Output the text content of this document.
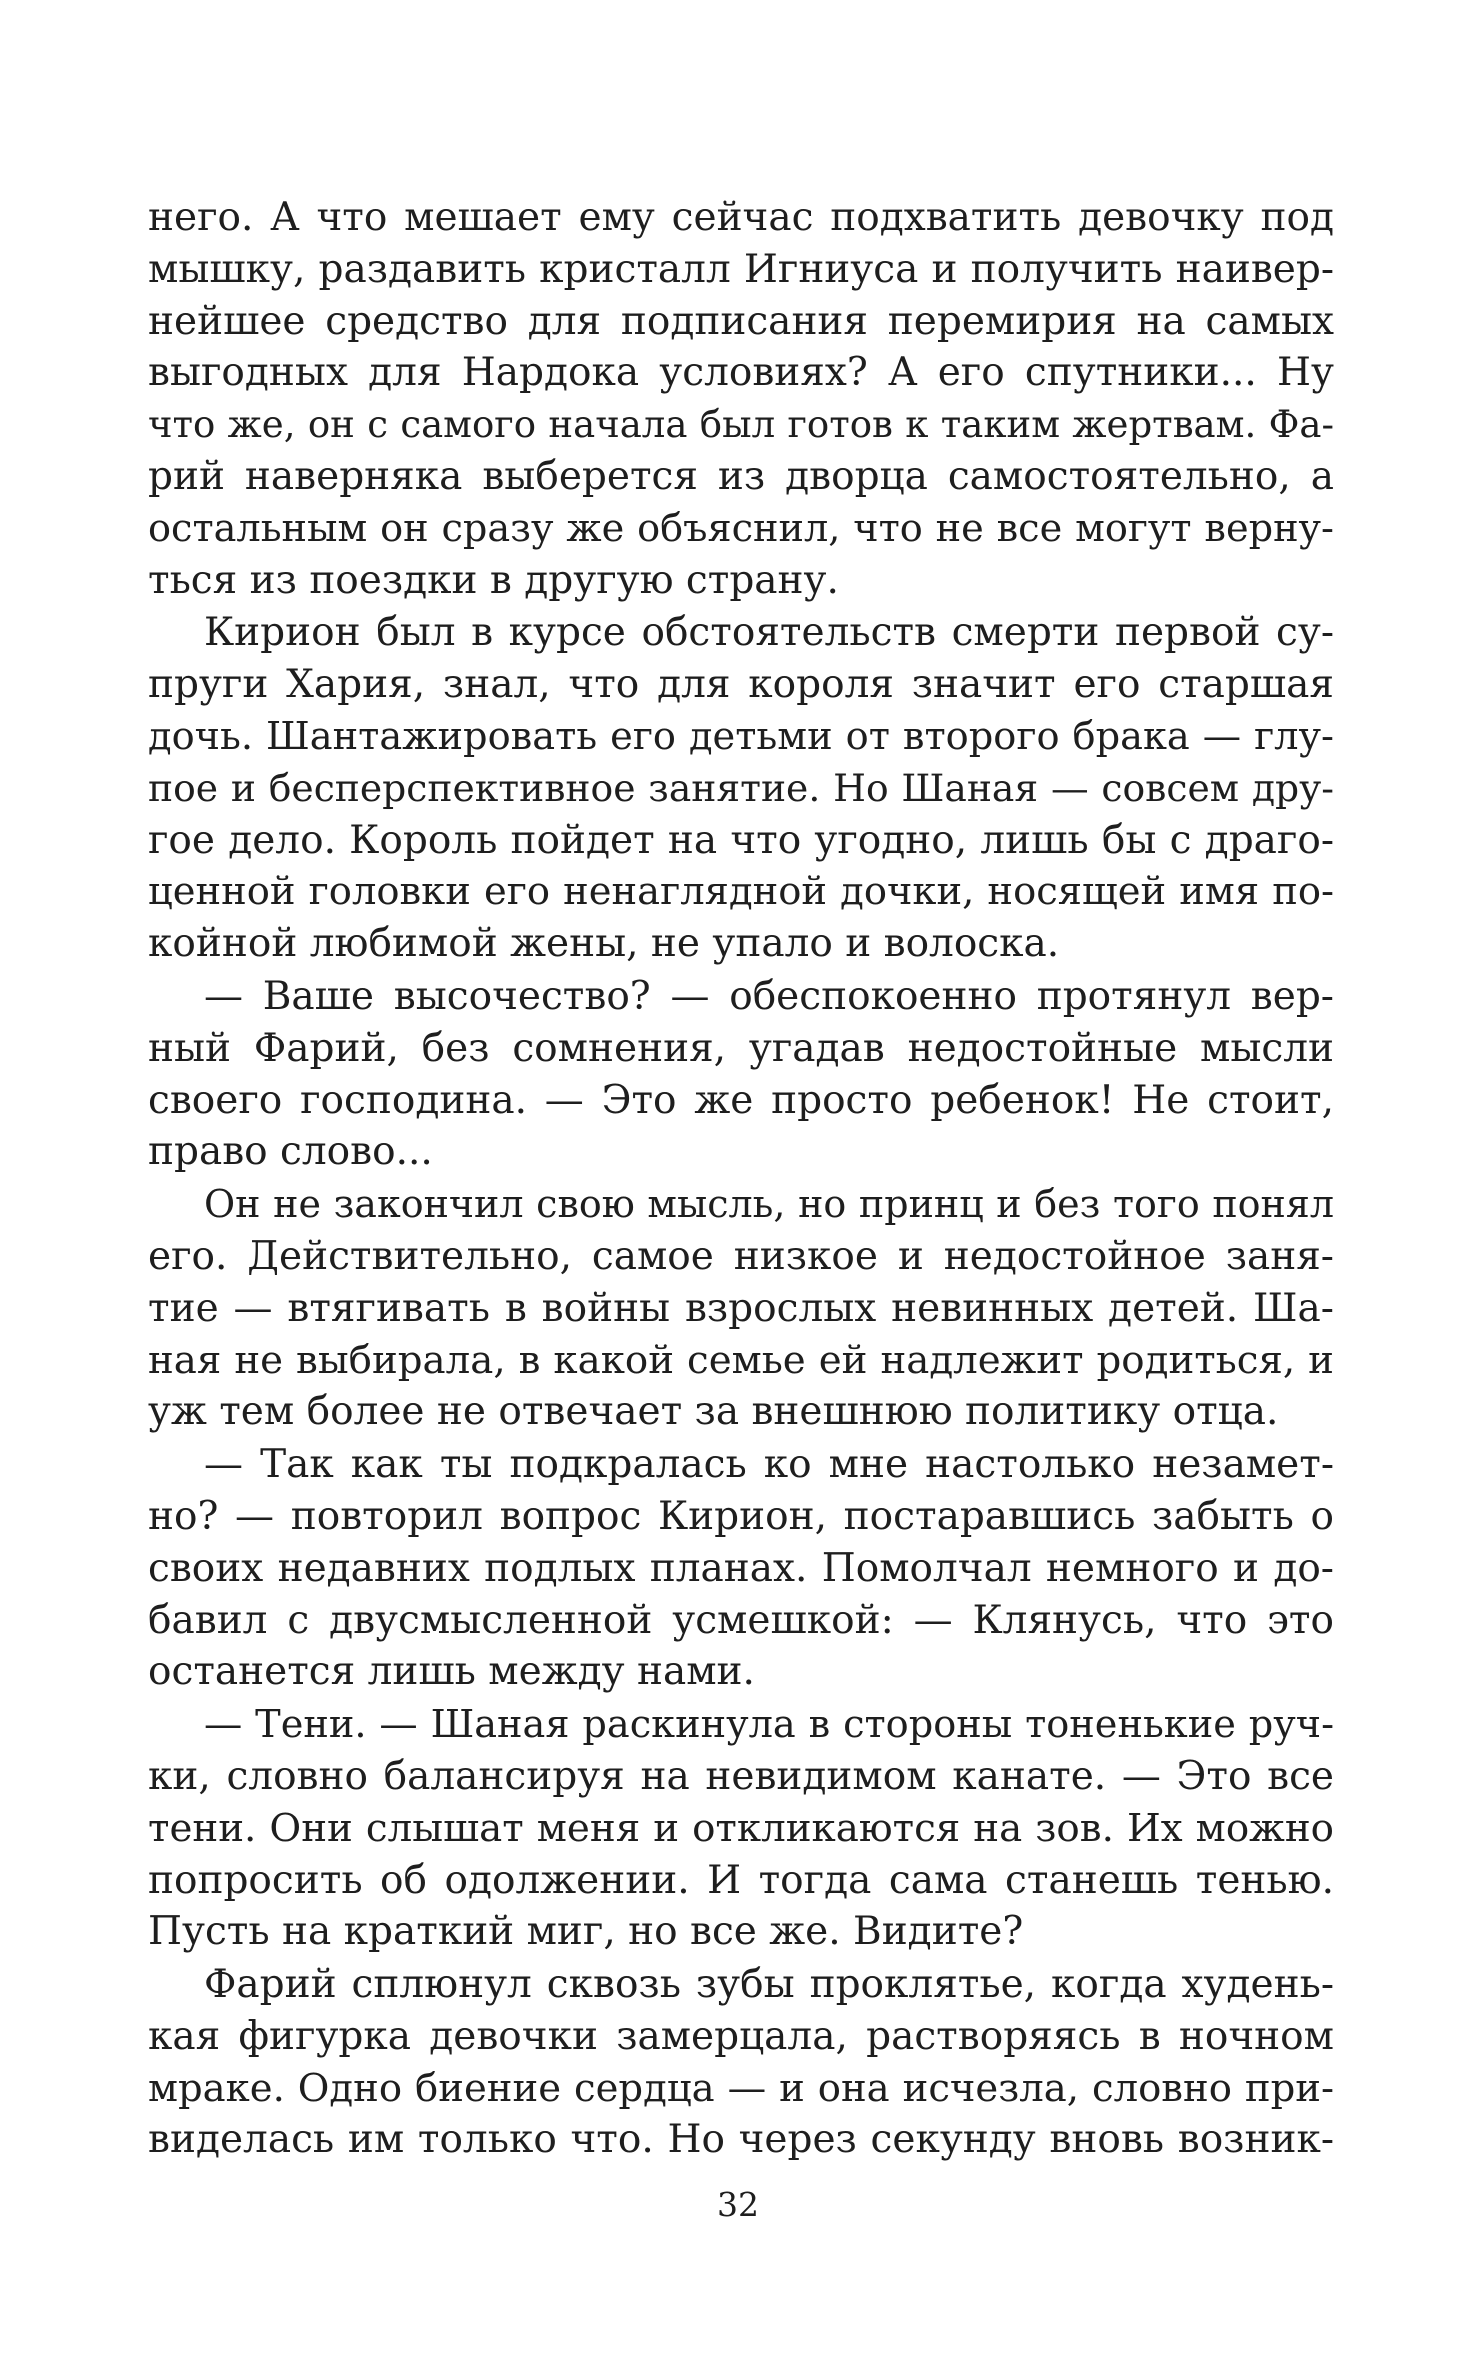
него. А что мешает ему сейчас подхватить девочку под
мышку, раздавить кристалл Игниуса и получить наивер-
нейшее средство для подписания перемирия на самых
выгодных для Нардока условиях? А его спутники... Ну
что же, он с самого начала был готов к таким жертвам. Фа-
рий наверняка выберется из дворца самостоятельно, а
остальным он сразу же объяснил, что не все могут верну-
ться из поездки в другую страну.
Кирион был в курсе обстоятельств смерти первой су-
пруги Хария, знал, что для короля значит его старшая
дочь. Шантажировать его детьми от второго брака — глу-
пое и бесперспективное занятие. Но Шаная — совсем дру-
гое дело. Король пойдет на что угодно, лишь бы с драго-
ценной головки его ненаглядной дочки, носящей имя по-
койной любимой жены, не упало и волоска.
— Ваше высочество? — обеспокоенно протянул вер-
ный Фарий, без сомнения, угадав недостойные мысли
своего господина. — Это же просто ребенок! Не стоит,
право слово...
Он не закончил свою мысль, но принц и без того понял
его. Действительно, самое низкое и недостойное заня-
тие — втягивать в войны взрослых невинных детей. Ша-
ная не выбирала, в какой семье ей надлежит родиться, и
уж тем более не отвечает за внешнюю политику отца.
— Так как ты подкралась ко мне настолько незамет-
но? — повторил вопрос Кирион, постаравшись забыть о
своих недавних подлых планах. Помолчал немного и до-
бавил с двусмысленной усмешкой: — Клянусь, что это
останется лишь между нами.
— Тени. — Шаная раскинула в стороны тоненькие руч-
ки, словно балансируя на невидимом канате. — Это все
тени. Они слышат меня и откликаются на зов. Их можно
попросить об одолжении. И тогда сама станешь тенью.
Пусть на краткий миг, но все же. Видите?
Фарий сплюнул сквозь зубы проклятье, когда худень-
кая фигурка девочки замерцала, растворяясь в ночном
мраке. Одно биение сердца — и она исчезла, словно при-
виделась им только что. Но через секунду вновь возник-
32
